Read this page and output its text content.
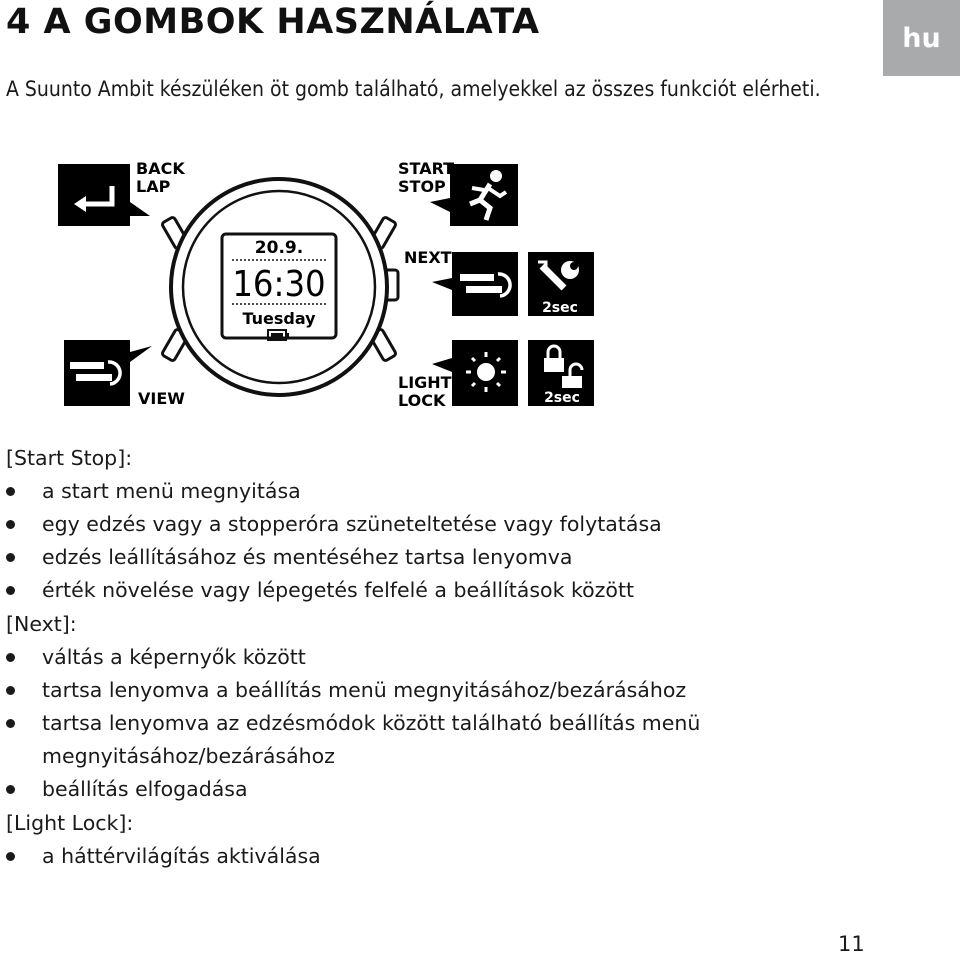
4 A GOMBOK HASZNÁLATA	hu

A Suunto Ambit készüléken öt gomb található, amelyekkel az összes funkciót elérheti.

BACK
LAP
START
STOP
20.9.
16:30
Tuesday
NEXT
2sec
VIEW
LIGHT
LOCK	2sec
[Start Stop]:
a start menü megnyitása
egy edzés vagy a stopperóra szüneteltetése vagy folytatása
edzés leállításához és mentéséhez tartsa lenyomva
érték növelése vagy lépegetés felfelé a beállítások között
[Next]:
váltás a képernyők között
tartsa lenyomva a beállítás menü megnyitásához/bezárásához
tartsa lenyomva az edzésmódok között található beállítás menü megnyitásához/bezárásához
beállítás elfogadása
[Light Lock]:
a háttérvilágítás aktiválása
11
